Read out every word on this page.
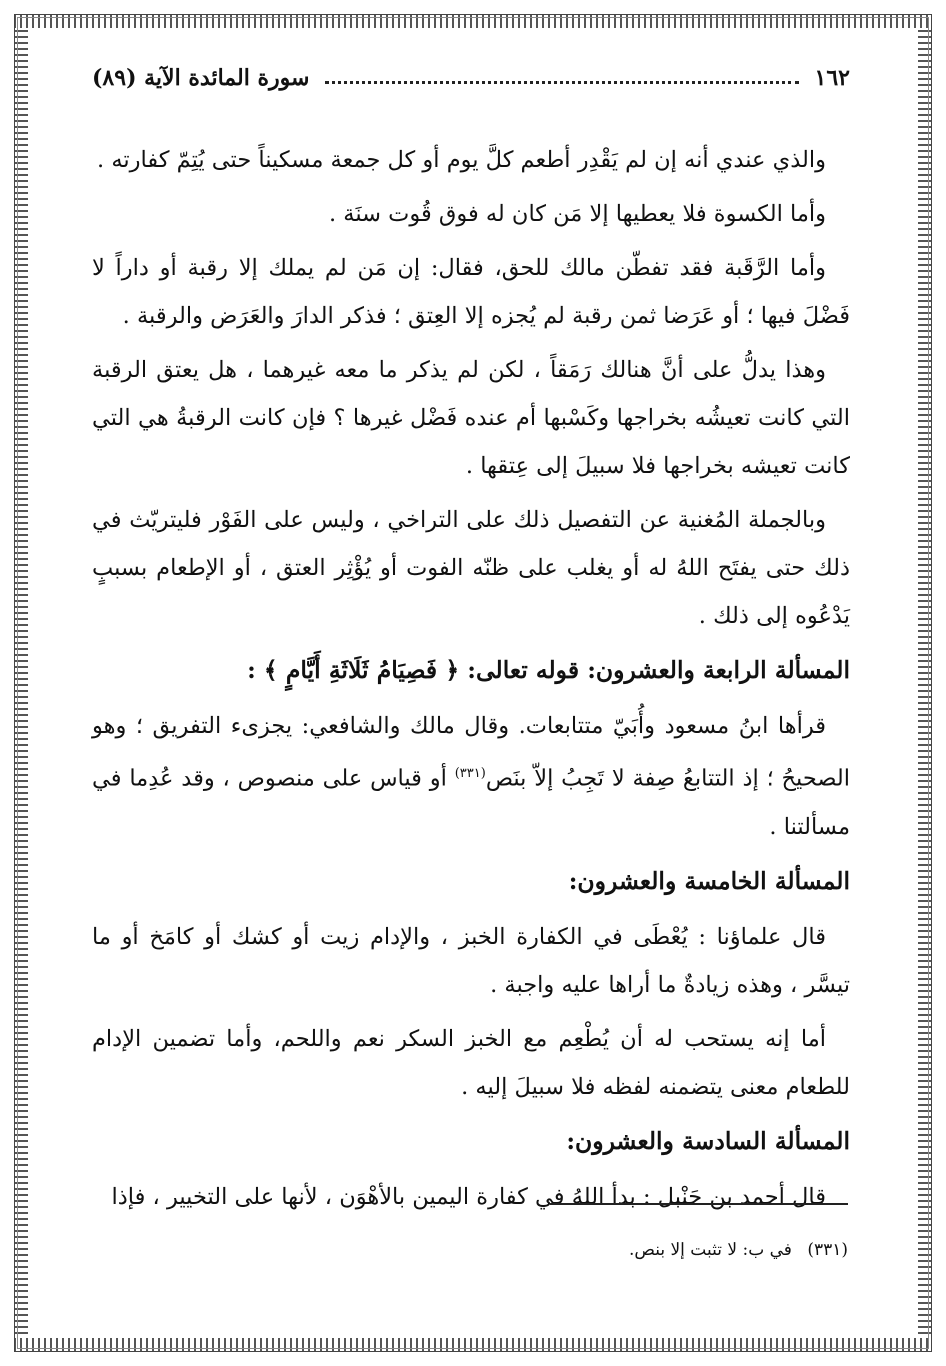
١٦٢
سورة المائدة الآية (٨٩)

والذي عندي أنه إن لم يَقْدِر أطعم كلَّ يوم أو كل جمعة مسكيناً حتى يُتِمّ كفارته .

وأما الكسوة فلا يعطيها إلا مَن كان له فوق قُوت سنَة .

وأما الرَّقَبة فقد تفطّن مالك للحق، فقال: إن مَن لم يملك إلا رقبة أو داراً لا فَضْلَ فيها ؛ أو عَرَضا ثمن رقبة لم يُجزه إلا العِتق ؛ فذكر الدارَ والعَرَض والرقبة .

وهذا يدلُّ على أنَّ هنالك رَمَقاً ، لكن لم يذكر ما معه غيرهما ، هل يعتق الرقبة التي كانت تعيشُه بخراجها وكَسْبها أم عنده فَضْل غيرها ؟ فإن كانت الرقبةُ هي التي كانت تعيشه بخراجها فلا سبيلَ إلى عِتقها .

وبالجملة المُغنية عن التفصيل ذلك على التراخي ، وليس على الفَوْر فليتريّث في ذلك حتى يفتَح اللهُ له أو يغلب على ظنّه الفوت أو يُؤْثِر العتق ، أو الإطعام بسببٍ يَدْعُوه إلى ذلك .

المسألة الرابعة والعشرون: قوله تعالى: ﴿ فَصِيَامُ ثَلَاثَةِ أَيَّامٍ ﴾ :

قرأها ابنُ مسعود وأُبَيّ متتابعات. وقال مالك والشافعي: يجزىء التفريق ؛ وهو الصحيحُ ؛ إذ التتابعُ صِفة لا تَجِبُ إلاّ بنَص$^{(٣٣١)}$ أو قياس على منصوص ، وقد عُدِما في مسألتنا .

المسألة الخامسة والعشرون:

قال علماؤنا : يُعْطَى في الكفارة الخبز ، والإدام زيت أو كشك أو كامَخ أو ما تيسَّر ، وهذه زيادةٌ ما أراها عليه واجبة .

أما إنه يستحب له أن يُطْعِم مع الخبز السكر نعم واللحم، وأما تضمين الإدام للطعام معنى يتضمنه لفظه فلا سبيلَ إليه .

المسألة السادسة والعشرون:

قال أحمد بن حَنْبل : بدأ اللهُ في كفارة اليمين بالأهْوَن ، لأنها على التخيير ، فإذا

(٣٣١) في ب: لا تثبت إلا بنص.
